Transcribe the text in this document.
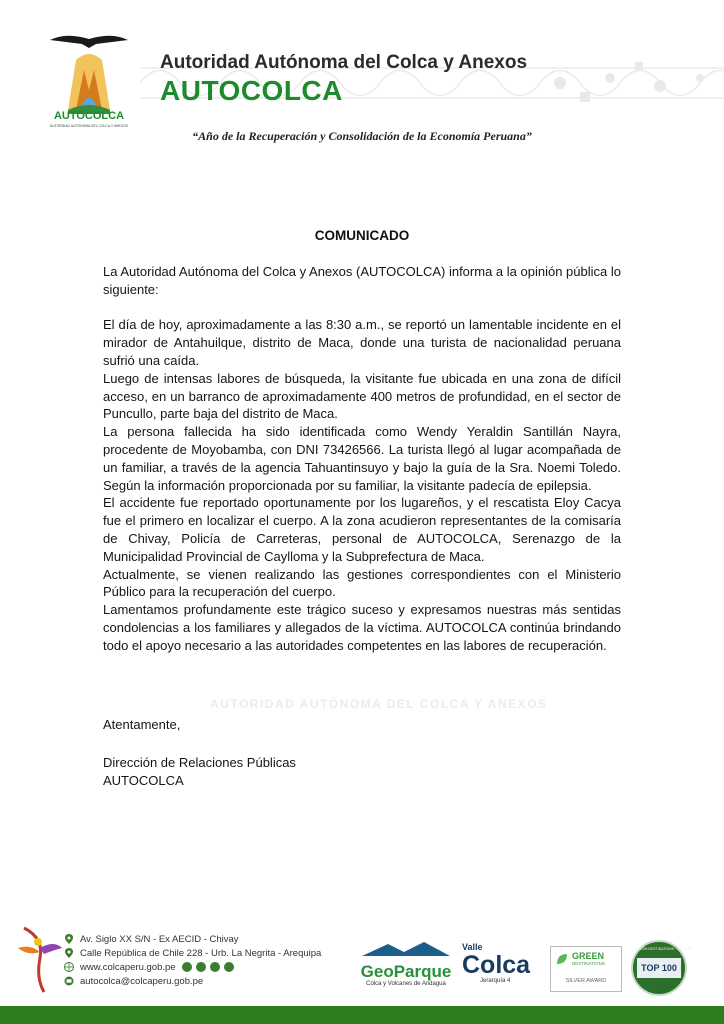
AUTOCOLCA
AUTORIDAD AUTÓNOMA DEL COLCA Y ANEXOS
Autoridad Autónoma del Colca y Anexos
AUTOCOLCA
“Año de la Recuperación y Consolidación de la Economía Peruana”
COMUNICADO

La Autoridad Autónoma del Colca y Anexos (AUTOCOLCA) informa a la opinión pública lo siguiente:

El día de hoy, aproximadamente a las 8:30 a.m., se reportó un lamentable incidente en el mirador de Antahuilque, distrito de Maca, donde una turista de nacionalidad peruana sufrió una caída.

Luego de intensas labores de búsqueda, la visitante fue ubicada en una zona de difícil acceso, en un barranco de aproximadamente 400 metros de profundidad, en el sector de Puncullo, parte baja del distrito de Maca.

La persona fallecida ha sido identificada como Wendy Yeraldin Santillán Nayra, procedente de Moyobamba, con DNI 73426566. La turista llegó al lugar acompañada de un familiar, a través de la agencia Tahuantinsuyo y bajo la guía de la Sra. Noemi Toledo. Según la información proporcionada por su familiar, la visitante padecía de epilepsia.

El accidente fue reportado oportunamente por los lugareños, y el rescatista Eloy Cacya fue el primero en localizar el cuerpo. A la zona acudieron representantes de la comisaría de Chivay, Policía de Carreteras, personal de AUTOCOLCA, Serenazgo de la Municipalidad Provincial de Caylloma y la Subprefectura de Maca.

Actualmente, se vienen realizando las gestiones correspondientes con el Ministerio Público para la recuperación del cuerpo.

Lamentamos profundamente este trágico suceso y expresamos nuestras más sentidas condolencias a los familiares y allegados de la víctima. AUTOCOLCA continúa brindando todo el apoyo necesario a las autoridades competentes en las labores de recuperación.

AUTORIDAD AUTÓNOMA DEL COLCA Y ANEXOS
Atentamente,
Dirección de Relaciones Públicas
AUTOCOLCA
Av. Siglo XX S/N - Ex AECID - Chivay
Calle República de Chile 228 - Urb. La Negrita - Arequipa
www.colcaperu.gob.pe
autocolca@colcaperu.gob.pe	GeoParque
Colca y Volcanes de Andagua
Valle
Colca
Jerarquía 4
GREEN
DESTINATIONS
SILVER AWARD
GREEN DESTINATIONS · STORIES
TOP 100
